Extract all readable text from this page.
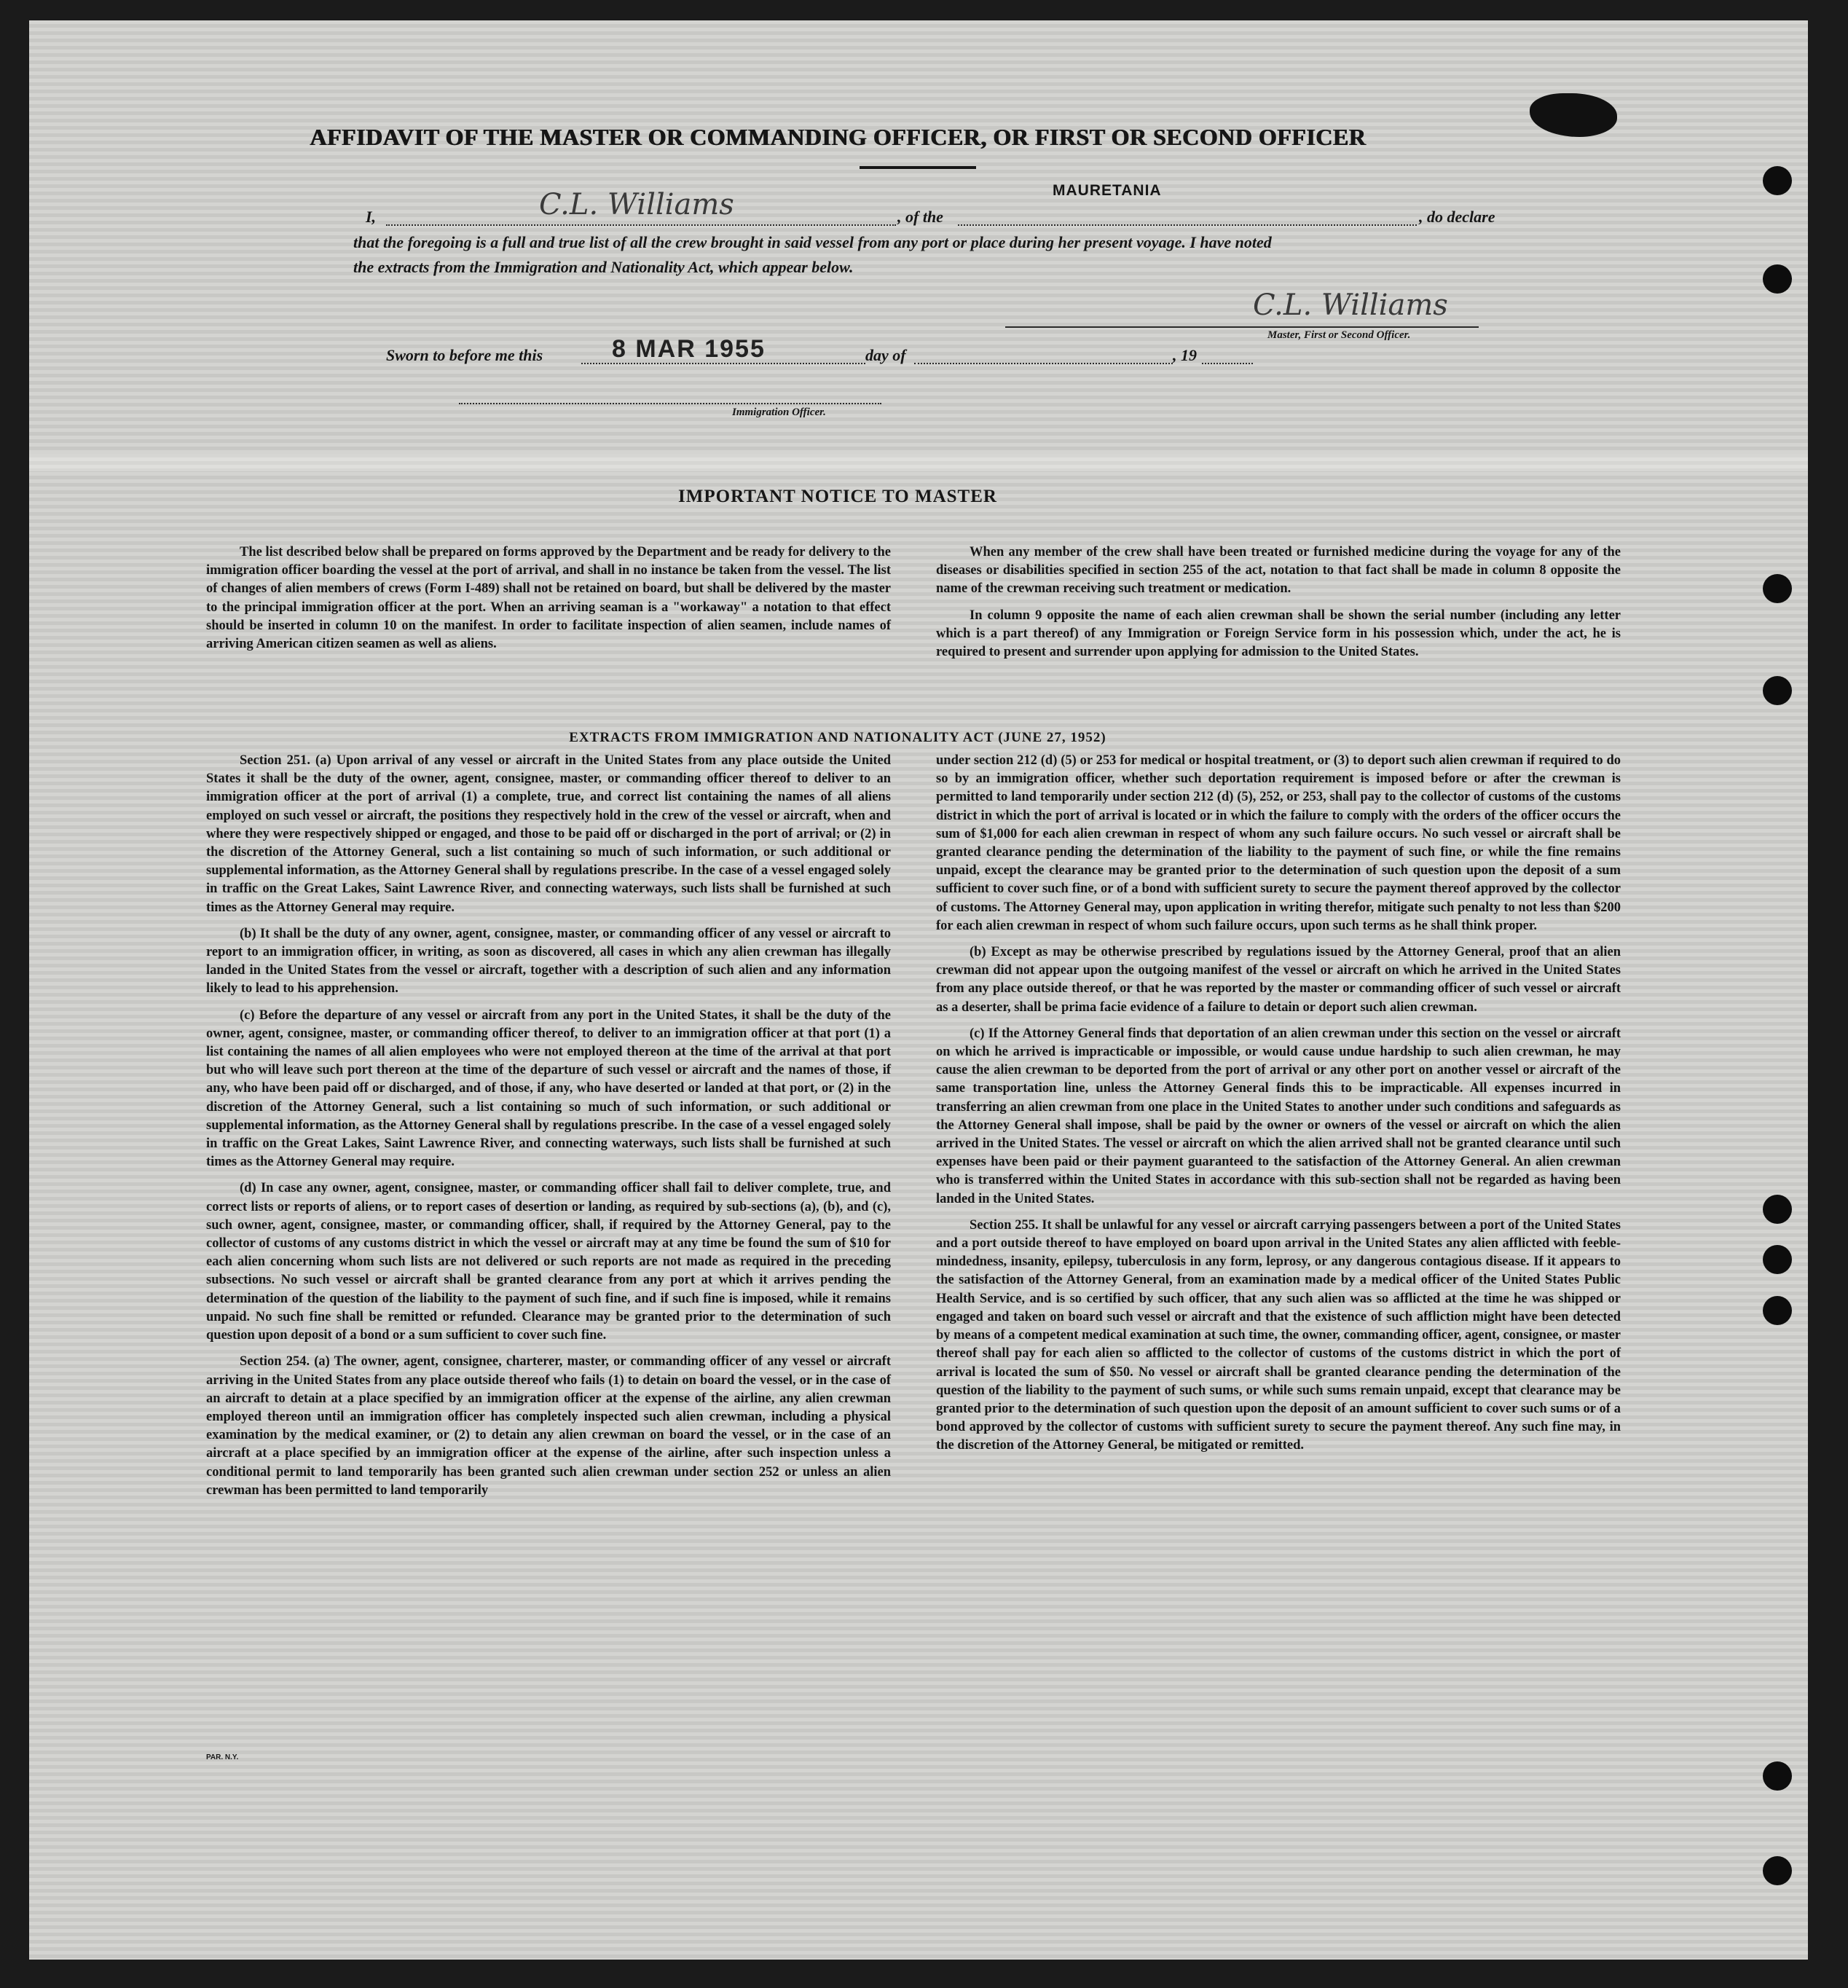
AFFIDAVIT OF THE MASTER OR COMMANDING OFFICER, OR FIRST OR SECOND OFFICER
I,	C.L. Williams	, of the
MAURETANIA
, do declare
that the foregoing is a full and true list of all the crew brought in said vessel from any port or place during her present voyage. I have noted
the extracts from the Immigration and Nationality Act, which appear below.
C.L. Williams
Master, First or Second Officer.
Sworn to before me this	8 MAR 1955	day of	, 19
Immigration Officer.
IMPORTANT NOTICE TO MASTER

The list described below shall be prepared on forms approved by the Department and be ready for delivery to the immigration officer boarding the vessel at the port of arrival, and shall in no instance be taken from the vessel. The list of changes of alien members of crews (Form I-489) shall not be retained on board, but shall be delivered by the master to the principal immigration officer at the port. When an arriving seaman is a "workaway" a notation to that effect should be inserted in column 10 on the manifest. In order to facilitate inspection of alien seamen, include names of arriving American citizen seamen as well as aliens.

When any member of the crew shall have been treated or furnished medicine during the voyage for any of the diseases or disabilities specified in section 255 of the act, notation to that fact shall be made in column 8 opposite the name of the crewman receiving such treatment or medication.

In column 9 opposite the name of each alien crewman shall be shown the serial number (including any letter which is a part thereof) of any Immigration or Foreign Service form in his possession which, under the act, he is required to present and surrender upon applying for admission to the United States.

EXTRACTS FROM IMMIGRATION AND NATIONALITY ACT (JUNE 27, 1952)

Section 251. (a) Upon arrival of any vessel or aircraft in the United States from any place outside the United States it shall be the duty of the owner, agent, consignee, master, or commanding officer thereof to deliver to an immigration officer at the port of arrival (1) a complete, true, and correct list containing the names of all aliens employed on such vessel or aircraft, the positions they respectively hold in the crew of the vessel or aircraft, when and where they were respectively shipped or engaged, and those to be paid off or discharged in the port of arrival; or (2) in the discretion of the Attorney General, such a list containing so much of such information, or such additional or supplemental information, as the Attorney General shall by regulations prescribe. In the case of a vessel engaged solely in traffic on the Great Lakes, Saint Lawrence River, and connecting waterways, such lists shall be furnished at such times as the Attorney General may require.

(b) It shall be the duty of any owner, agent, consignee, master, or commanding officer of any vessel or aircraft to report to an immigration officer, in writing, as soon as discovered, all cases in which any alien crewman has illegally landed in the United States from the vessel or aircraft, together with a description of such alien and any information likely to lead to his apprehension.

(c) Before the departure of any vessel or aircraft from any port in the United States, it shall be the duty of the owner, agent, consignee, master, or commanding officer thereof, to deliver to an immigration officer at that port (1) a list containing the names of all alien employees who were not employed thereon at the time of the arrival at that port but who will leave such port thereon at the time of the departure of such vessel or aircraft and the names of those, if any, who have been paid off or discharged, and of those, if any, who have deserted or landed at that port, or (2) in the discretion of the Attorney General, such a list containing so much of such information, or such additional or supplemental information, as the Attorney General shall by regulations prescribe. In the case of a vessel engaged solely in traffic on the Great Lakes, Saint Lawrence River, and connecting waterways, such lists shall be furnished at such times as the Attorney General may require.

(d) In case any owner, agent, consignee, master, or commanding officer shall fail to deliver complete, true, and correct lists or reports of aliens, or to report cases of desertion or landing, as required by sub-sections (a), (b), and (c), such owner, agent, consignee, master, or commanding officer, shall, if required by the Attorney General, pay to the collector of customs of any customs district in which the vessel or aircraft may at any time be found the sum of $10 for each alien concerning whom such lists are not delivered or such reports are not made as required in the preceding subsections. No such vessel or aircraft shall be granted clearance from any port at which it arrives pending the determination of the question of the liability to the payment of such fine, and if such fine is imposed, while it remains unpaid. No such fine shall be remitted or refunded. Clearance may be granted prior to the determination of such question upon deposit of a bond or a sum sufficient to cover such fine.

Section 254. (a) The owner, agent, consignee, charterer, master, or commanding officer of any vessel or aircraft arriving in the United States from any place outside thereof who fails (1) to detain on board the vessel, or in the case of an aircraft to detain at a place specified by an immigration officer at the expense of the airline, any alien crewman employed thereon until an immigration officer has completely inspected such alien crewman, including a physical examination by the medical examiner, or (2) to detain any alien crewman on board the vessel, or in the case of an aircraft at a place specified by an immigration officer at the expense of the airline, after such inspection unless a conditional permit to land temporarily has been granted such alien crewman under section 252 or unless an alien crewman has been permitted to land temporarily

under section 212 (d) (5) or 253 for medical or hospital treatment, or (3) to deport such alien crewman if required to do so by an immigration officer, whether such deportation requirement is imposed before or after the crewman is permitted to land temporarily under section 212 (d) (5), 252, or 253, shall pay to the collector of customs of the customs district in which the port of arrival is located or in which the failure to comply with the orders of the officer occurs the sum of $1,000 for each alien crewman in respect of whom any such failure occurs. No such vessel or aircraft shall be granted clearance pending the determination of the liability to the payment of such fine, or while the fine remains unpaid, except the clearance may be granted prior to the determination of such question upon the deposit of a sum sufficient to cover such fine, or of a bond with sufficient surety to secure the payment thereof approved by the collector of customs. The Attorney General may, upon application in writing therefor, mitigate such penalty to not less than $200 for each alien crewman in respect of whom such failure occurs, upon such terms as he shall think proper.

(b) Except as may be otherwise prescribed by regulations issued by the Attorney General, proof that an alien crewman did not appear upon the outgoing manifest of the vessel or aircraft on which he arrived in the United States from any place outside thereof, or that he was reported by the master or commanding officer of such vessel or aircraft as a deserter, shall be prima facie evidence of a failure to detain or deport such alien crewman.

(c) If the Attorney General finds that deportation of an alien crewman under this section on the vessel or aircraft on which he arrived is impracticable or impossible, or would cause undue hardship to such alien crewman, he may cause the alien crewman to be deported from the port of arrival or any other port on another vessel or aircraft of the same transportation line, unless the Attorney General finds this to be impracticable. All expenses incurred in transferring an alien crewman from one place in the United States to another under such conditions and safeguards as the Attorney General shall impose, shall be paid by the owner or owners of the vessel or aircraft on which the alien arrived in the United States. The vessel or aircraft on which the alien arrived shall not be granted clearance until such expenses have been paid or their payment guaranteed to the satisfaction of the Attorney General. An alien crewman who is transferred within the United States in accordance with this sub-section shall not be regarded as having been landed in the United States.

Section 255. It shall be unlawful for any vessel or aircraft carrying passengers between a port of the United States and a port outside thereof to have employed on board upon arrival in the United States any alien afflicted with feeble-mindedness, insanity, epilepsy, tuberculosis in any form, leprosy, or any dangerous contagious disease. If it appears to the satisfaction of the Attorney General, from an examination made by a medical officer of the United States Public Health Service, and is so certified by such officer, that any such alien was so afflicted at the time he was shipped or engaged and taken on board such vessel or aircraft and that the existence of such affliction might have been detected by means of a competent medical examination at such time, the owner, commanding officer, agent, consignee, or master thereof shall pay for each alien so afflicted to the collector of customs of the customs district in which the port of arrival is located the sum of $50. No vessel or aircraft shall be granted clearance pending the determination of the question of the liability to the payment of such sums, or while such sums remain unpaid, except that clearance may be granted prior to the determination of such question upon the deposit of an amount sufficient to cover such sums or of a bond approved by the collector of customs with sufficient surety to secure the payment thereof. Any such fine may, in the discretion of the Attorney General, be mitigated or remitted.

PAR. N.Y.
